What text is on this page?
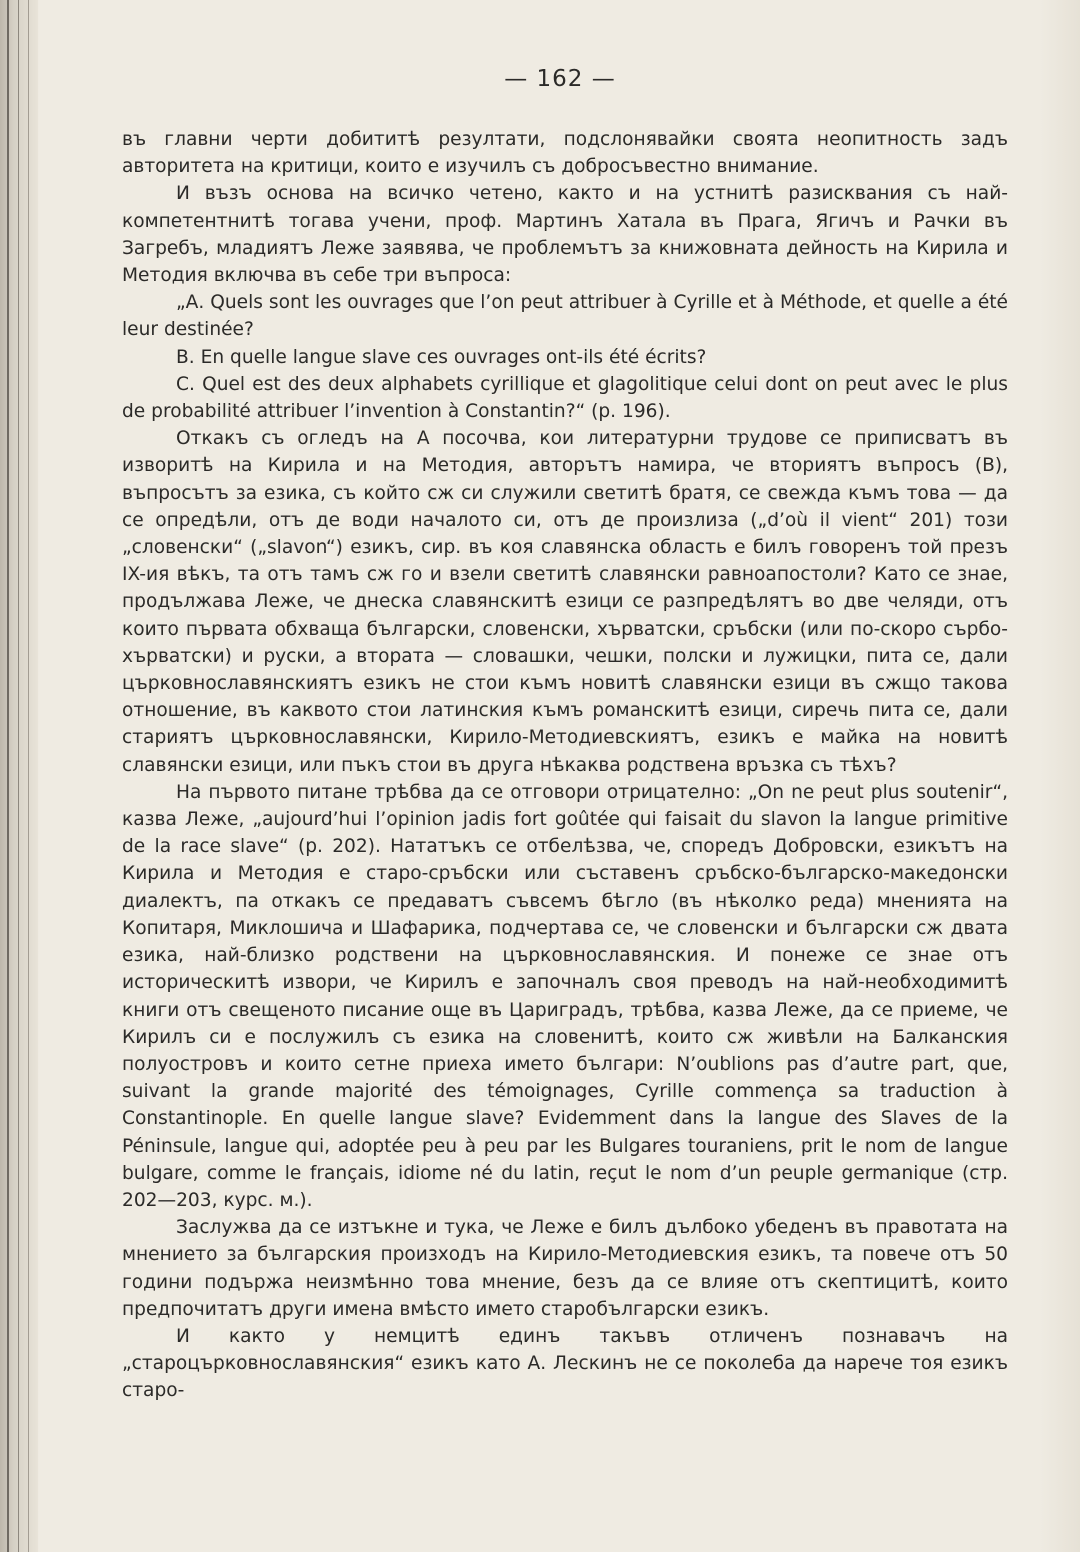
— 162 —

въ главни черти добититѣ резултати, подслонявайки своята неопитность задъ авторитета на критици, които е изучилъ съ добросъвестно внимание.

И възъ основа на всичко четено, както и на устнитѣ разисквания съ най-компетентнитѣ тогава учени, проф. Мартинъ Хатала въ Прага, Ягичъ и Рачки въ Загребъ, младиятъ Леже заявява, че проблемътъ за книжовната дейность на Кирила и Методия включва въ себе три въпроса:

„А. Quels sont les ouvrages que l’on peut attribuer à Cyrille et à Méthode, et quelle a été leur destinée?

B. En quelle langue slave ces ouvrages ont-ils été écrits?

C. Quel est des deux alphabets cyrillique et glagolitique celui dont on peut avec le plus de probabilité attribuer l’invention à Constantin?“ (p. 196).

Откакъ съ огледъ на А посочва, кои литературни трудове се приписватъ въ изворитѣ на Кирила и на Методия, авторътъ намира, че вториятъ въпросъ (В), въпросътъ за езика, съ който сж си служили светитѣ братя, се свежда къмъ това — да се опредѣли, отъ де води началото си, отъ де произлиза („d’où il vient“ 201) този „словенски“ („slavon“) езикъ, сир. въ коя славянска область е билъ говоренъ той презъ IX-ия вѣкъ, та отъ тамъ сж го и взели светитѣ славянски равноапостоли? Като се знае, продължава Леже, че днеска славянскитѣ езици се разпредѣлятъ во две челяди, отъ които първата обхваща български, словенски, хърватски, сръбски (или по-скоро сърбо-хърватски) и руски, а втората — словашки, чешки, полски и лужицки, пита се, дали църковнославянскиятъ езикъ не стои къмъ новитѣ славянски езици въ сжщо такова отношение, въ каквото стои латинския къмъ романскитѣ езици, сиречь пита се, дали стариятъ църковнославянски, Кирило-Методиевскиятъ, езикъ е майка на новитѣ славянски езици, или пъкъ стои въ друга нѣкаква родствена връзка съ тѣхъ?

На първото питане трѣбва да се отговори отрицателно: „On ne peut plus soutenir“, казва Леже, „aujourd’hui l’opinion jadis fort goûtée qui faisait du slavon la langue primitive de la race slave“ (p. 202). Нататъкъ се отбелѣзва, че, споредъ Добровски, езикътъ на Кирила и Методия е старо-сръбски или съставенъ сръбско-българско-македонски диалектъ, па откакъ се предаватъ съвсемъ бѣгло (въ нѣколко реда) мненията на Копитаря, Миклошича и Шафарика, подчертава се, че словенски и български сж двата езика, най-близко родствени на църковнославянския. И понеже се знае отъ историческитѣ извори, че Кирилъ е започналъ своя преводъ на най-необходимитѣ книги отъ свещеното писание още въ Цариградъ, трѣбва, казва Леже, да се приеме, че Кирилъ си е послужилъ съ езика на словенитѣ, които сж живѣли на Балканския полуостровъ и които сетне приеха името българи: N’oublions pas d’autre part, que, suivant la grande majorité des témoignages, Cyrille commença sa traduction à Constantinople. En quelle langue slave? Evidemment dans la langue des Slaves de la Péninsule, langue qui, adoptée peu à peu par les Bulgares touraniens, prit le nom de langue bulgare, comme le français, idiome né du latin, reçut le nom d’un peuple germanique (стр. 202—203, курс. м.).

Заслужва да се изтъкне и тука, че Леже е билъ дълбоко убеденъ въ правотата на мнението за българския произходъ на Кирило-Методиевския езикъ, та повече отъ 50 години подържа неизмѣнно това мнение, безъ да се влияе отъ скептицитѣ, които предпочитатъ други имена вмѣсто името старобългарски езикъ.

И както у немцитѣ единъ такъвъ отличенъ познавачъ на „староцърковнославянския“ езикъ като А. Лескинъ не се поколеба да нарече тоя езикъ старо-
